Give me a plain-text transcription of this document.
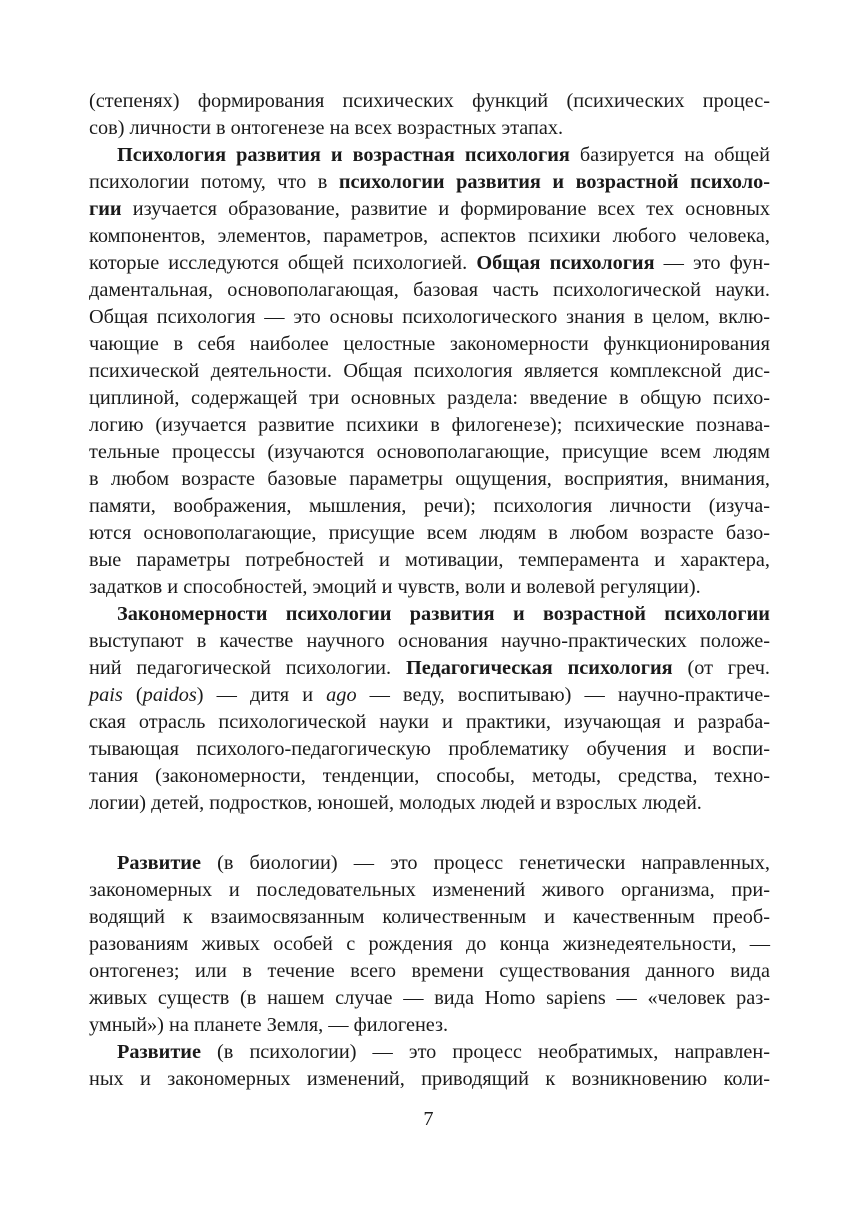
(степенях) формирования психических функций (психических процес-
сов) личности в онтогенезе на всех возрастных этапах.
Психология развития и возрастная психология базируется на общей
психологии потому, что в психологии развития и возрастной психоло-
гии изучается образование, развитие и формирование всех тех основных
компонентов, элементов, параметров, аспектов психики любого человека,
которые исследуются общей психологией. Общая психология — это фун-
даментальная, основополагающая, базовая часть психологической науки.
Общая психология — это основы психологического знания в целом, вклю-
чающие в себя наиболее целостные закономерности функционирования
психической деятельности. Общая психология является комплексной дис-
циплиной, содержащей три основных раздела: введение в общую психо-
логию (изучается развитие психики в филогенезе); психические познава-
тельные процессы (изучаются основополагающие, присущие всем людям
в любом возрасте базовые параметры ощущения, восприятия, внимания,
памяти, воображения, мышления, речи); психология личности (изуча-
ются основополагающие, присущие всем людям в любом возрасте базо-
вые параметры потребностей и мотивации, темперамента и характера,
задатков и способностей, эмоций и чувств, воли и волевой регуляции).
Закономерности психологии развития и возрастной психологии
выступают в качестве научного основания научно-практических положе-
ний педагогической психологии. Педагогическая психология (от греч.
pais (paidos) — дитя и ago — веду, воспитываю) — научно-практиче-
ская отрасль психологической науки и практики, изучающая и разраба-
тывающая психолого-педагогическую проблематику обучения и воспи-
тания (закономерности, тенденции, способы, методы, средства, техно-
логии) детей, подростков, юношей, молодых людей и взрослых людей.
Развитие (в биологии) — это процесс генетически направленных,
закономерных и последовательных изменений живого организма, при-
водящий к взаимосвязанным количественным и качественным преоб-
разованиям живых особей с рождения до конца жизнедеятельности, —
онтогенез; или в течение всего времени существования данного вида
живых существ (в нашем случае — вида Homo sapiens — «человек раз-
умный») на планете Земля, — филогенез.
Развитие (в психологии) — это процесс необратимых, направлен-
ных и закономерных изменений, приводящий к возникновению коли-
7
